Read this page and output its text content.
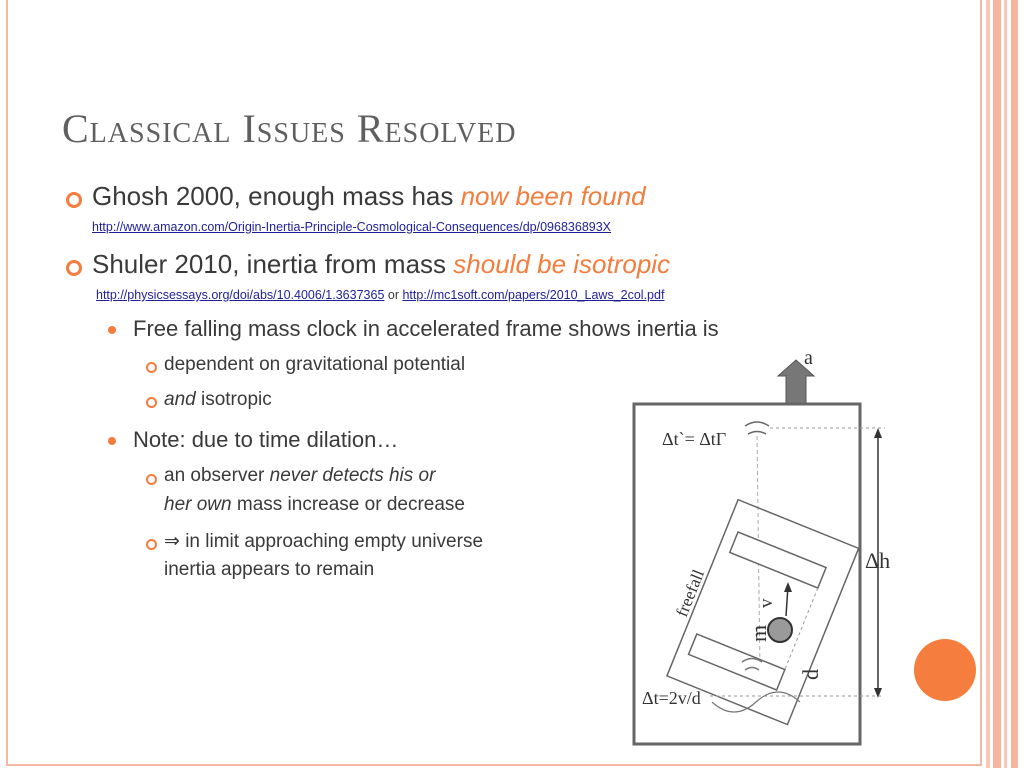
Classical Issues Resolved
Ghosh 2000, enough mass has now been found
http://www.amazon.com/Origin-Inertia-Principle-Cosmological-Consequences/dp/096836893X
Shuler 2010, inertia from mass should be isotropic
http://physicsessays.org/doi/abs/10.4006/1.3637365 or http://mc1soft.com/papers/2010_Laws_2col.pdf
Free falling mass clock in accelerated frame shows inertia is
dependent on gravitational potential
and isotropic
Note: due to time dilation…
an observer never detects his or
her own mass increase or decrease
⇒ in limit approaching empty universe
inertia appears to remain
a
Δt`= ΔtΓ
Δh
freefall	v
m
d
Δt=2v/d
